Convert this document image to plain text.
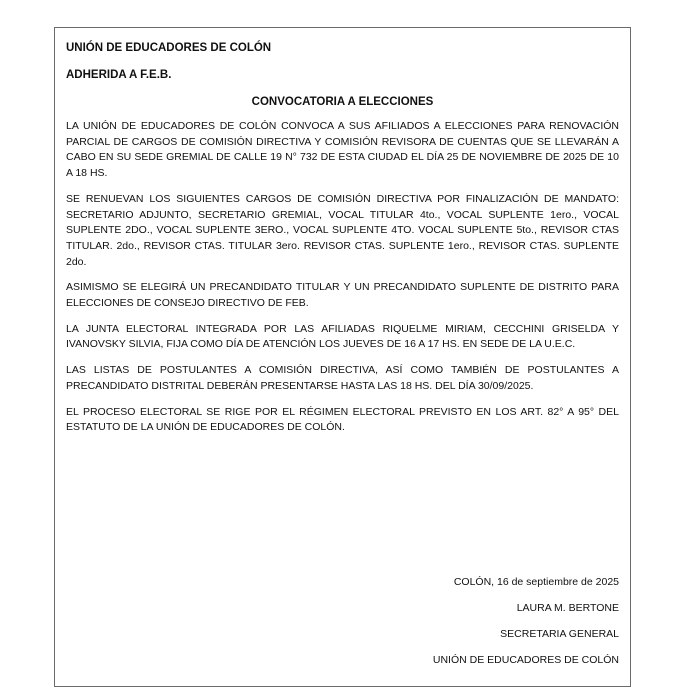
UNIÓN DE EDUCADORES DE COLÓN
ADHERIDA A F.E.B.
CONVOCATORIA A ELECCIONES

LA UNIÓN DE EDUCADORES DE COLÓN CONVOCA A SUS AFILIADOS A ELECCIONES PARA RENOVACIÓN PARCIAL DE CARGOS DE COMISIÓN DIRECTIVA Y COMISIÓN REVISORA DE CUENTAS QUE SE LLEVARÁN A CABO EN SU SEDE GREMIAL DE CALLE 19 N° 732 DE ESTA CIUDAD EL DÍA 25 DE NOVIEMBRE DE 2025 DE 10 A 18 HS.

SE RENUEVAN LOS SIGUIENTES CARGOS DE COMISIÓN DIRECTIVA POR FINALIZACIÓN DE MANDATO: SECRETARIO ADJUNTO, SECRETARIO GREMIAL, VOCAL TITULAR 4to., VOCAL SUPLENTE 1ero., VOCAL SUPLENTE 2DO., VOCAL SUPLENTE 3ERO., VOCAL SUPLENTE 4TO. VOCAL SUPLENTE 5to., REVISOR CTAS TITULAR. 2do., REVISOR CTAS. TITULAR 3ero. REVISOR CTAS. SUPLENTE 1ero., REVISOR CTAS. SUPLENTE 2do.

ASIMISMO SE ELEGIRÁ UN PRECANDIDATO TITULAR Y UN PRECANDIDATO SUPLENTE DE DISTRITO PARA ELECCIONES DE CONSEJO DIRECTIVO DE FEB.

LA JUNTA ELECTORAL INTEGRADA POR LAS AFILIADAS RIQUELME MIRIAM, CECCHINI GRISELDA Y IVANOVSKY SILVIA, FIJA COMO DÍA DE ATENCIÓN LOS JUEVES DE 16 A 17 HS. EN SEDE DE LA U.E.C.

LAS LISTAS DE POSTULANTES A COMISIÓN DIRECTIVA, ASÍ COMO TAMBIÉN DE POSTULANTES A PRECANDIDATO DISTRITAL DEBERÁN PRESENTARSE HASTA LAS 18 HS. DEL DÍA 30/09/2025.

EL PROCESO ELECTORAL SE RIGE POR EL RÉGIMEN ELECTORAL PREVISTO EN LOS ART. 82° A 95° DEL ESTATUTO DE LA UNIÓN DE EDUCADORES DE COLÓN.

COLÓN, 16 de septiembre de 2025
LAURA M. BERTONE
SECRETARIA GENERAL
UNIÓN DE EDUCADORES DE COLÓN
